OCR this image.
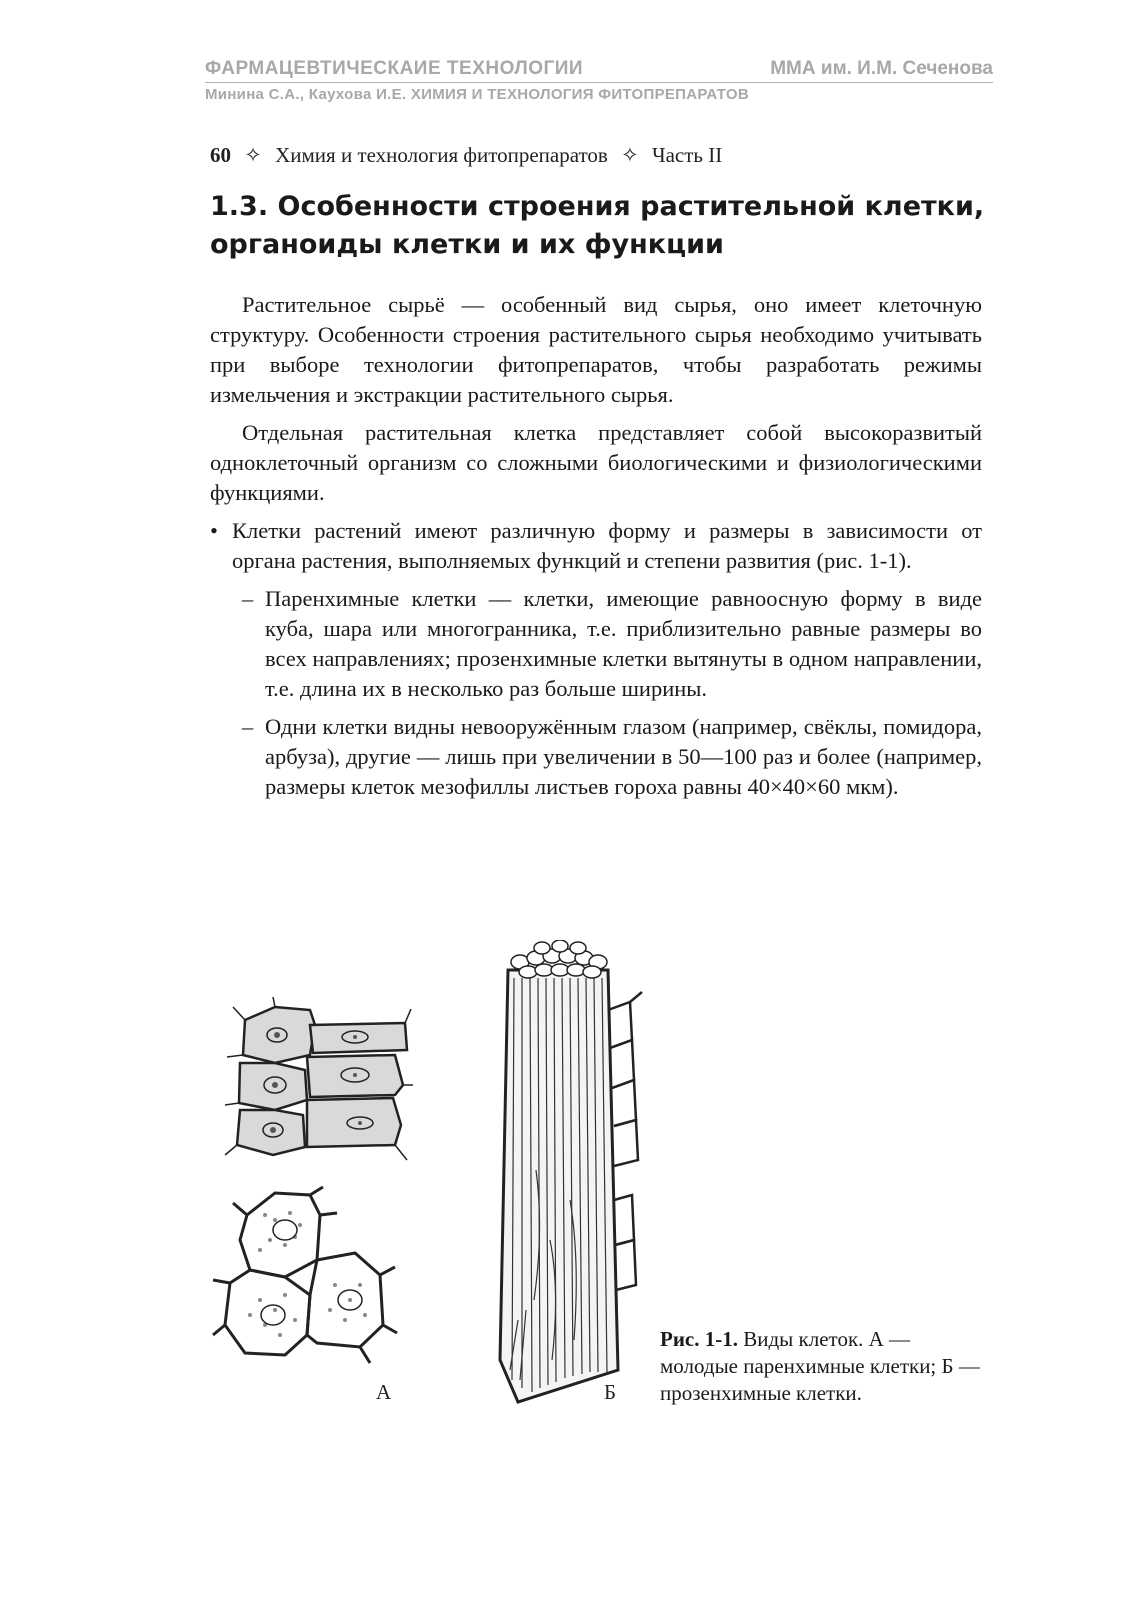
ФАРМАЦЕВТИЧЕСКАИЕ ТЕХНОЛОГИИ	ММА им. И.М. Сеченова
Минина С.А., Каухова И.Е. ХИМИЯ И ТЕХНОЛОГИЯ ФИТОПРЕПАРАТОВ
60 ✧ Химия и технология фитопрепаратов ✧ Часть II
1.3. Особенности строения растительной клетки,
органоиды клетки и их функции

Растительное сырьё — особенный вид сырья, оно имеет клеточную структуру. Особенности строения растительного сырья необходимо учитывать при выборе технологии фитопрепаратов, чтобы разработать режимы измельчения и экстракции растительного сырья.

Отдельная растительная клетка представляет собой высокоразвитый одноклеточный организм со сложными биологическими и физиологическими функциями.

• Клетки растений имеют различную форму и размеры в зависимости от органа растения, выполняемых функций и степени развития (рис. 1-1).
– Паренхимные клетки — клетки, имеющие равноосную форму в виде куба, шара или многогранника, т.е. приблизительно равные размеры во всех направлениях; прозенхимные клетки вытянуты в одном направлении, т.е. длина их в несколько раз больше ширины.
– Одни клетки видны невооружённым глазом (например, свёклы, помидора, арбуза), другие — лишь при увеличении в 50—100 раз и более (например, размеры клеток мезофиллы листьев гороха равны 40×40×60 мкм).
А	Б
Рис. 1-1. Виды клеток. А — молодые паренхимные клетки; Б — прозенхимные клетки.
